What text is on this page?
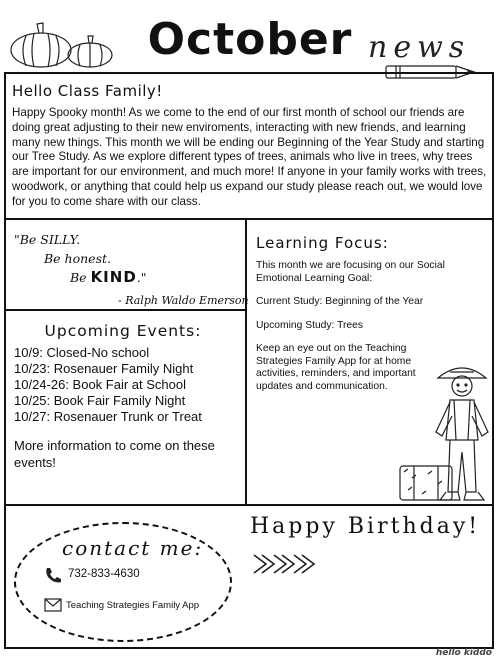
October news
Hello Class Family!
Happy Spooky month! As we come to the end of our first month of school our friends are doing great adjusting to their new enviroments, interacting with new friends, and learning many new things. This month we will be ending our Beginning of the Year Study and starting our Tree Study. As we explore different types of trees, animals who live in trees, why trees are important for our environment, and much more! If anyone in your family works with trees, woodwork, or anything that could help us expand our study please reach out, we would love for you to come share with our class.
"Be SILLY.
Be honest.
Be KIND."
- Ralph Waldo Emerson
Learning Focus:
This month we are focusing on our Social Emotional Learning Goal:
Current Study: Beginning of the Year
Upcoming Study: Trees
Keep an eye out on the Teaching Strategies Family App for at home activities, reminders, and important updates and communication.
Upcoming Events:
10/9: Closed-No school
10/23: Rosenauer Family Night
10/24-26: Book Fair at School
10/25: Book Fair Family Night
10/27: Rosenauer Trunk or Treat
More information to come on these events!
Happy Birthday!
contact me:
732-833-4630
Teaching Strategies Family App
hello kiddo
